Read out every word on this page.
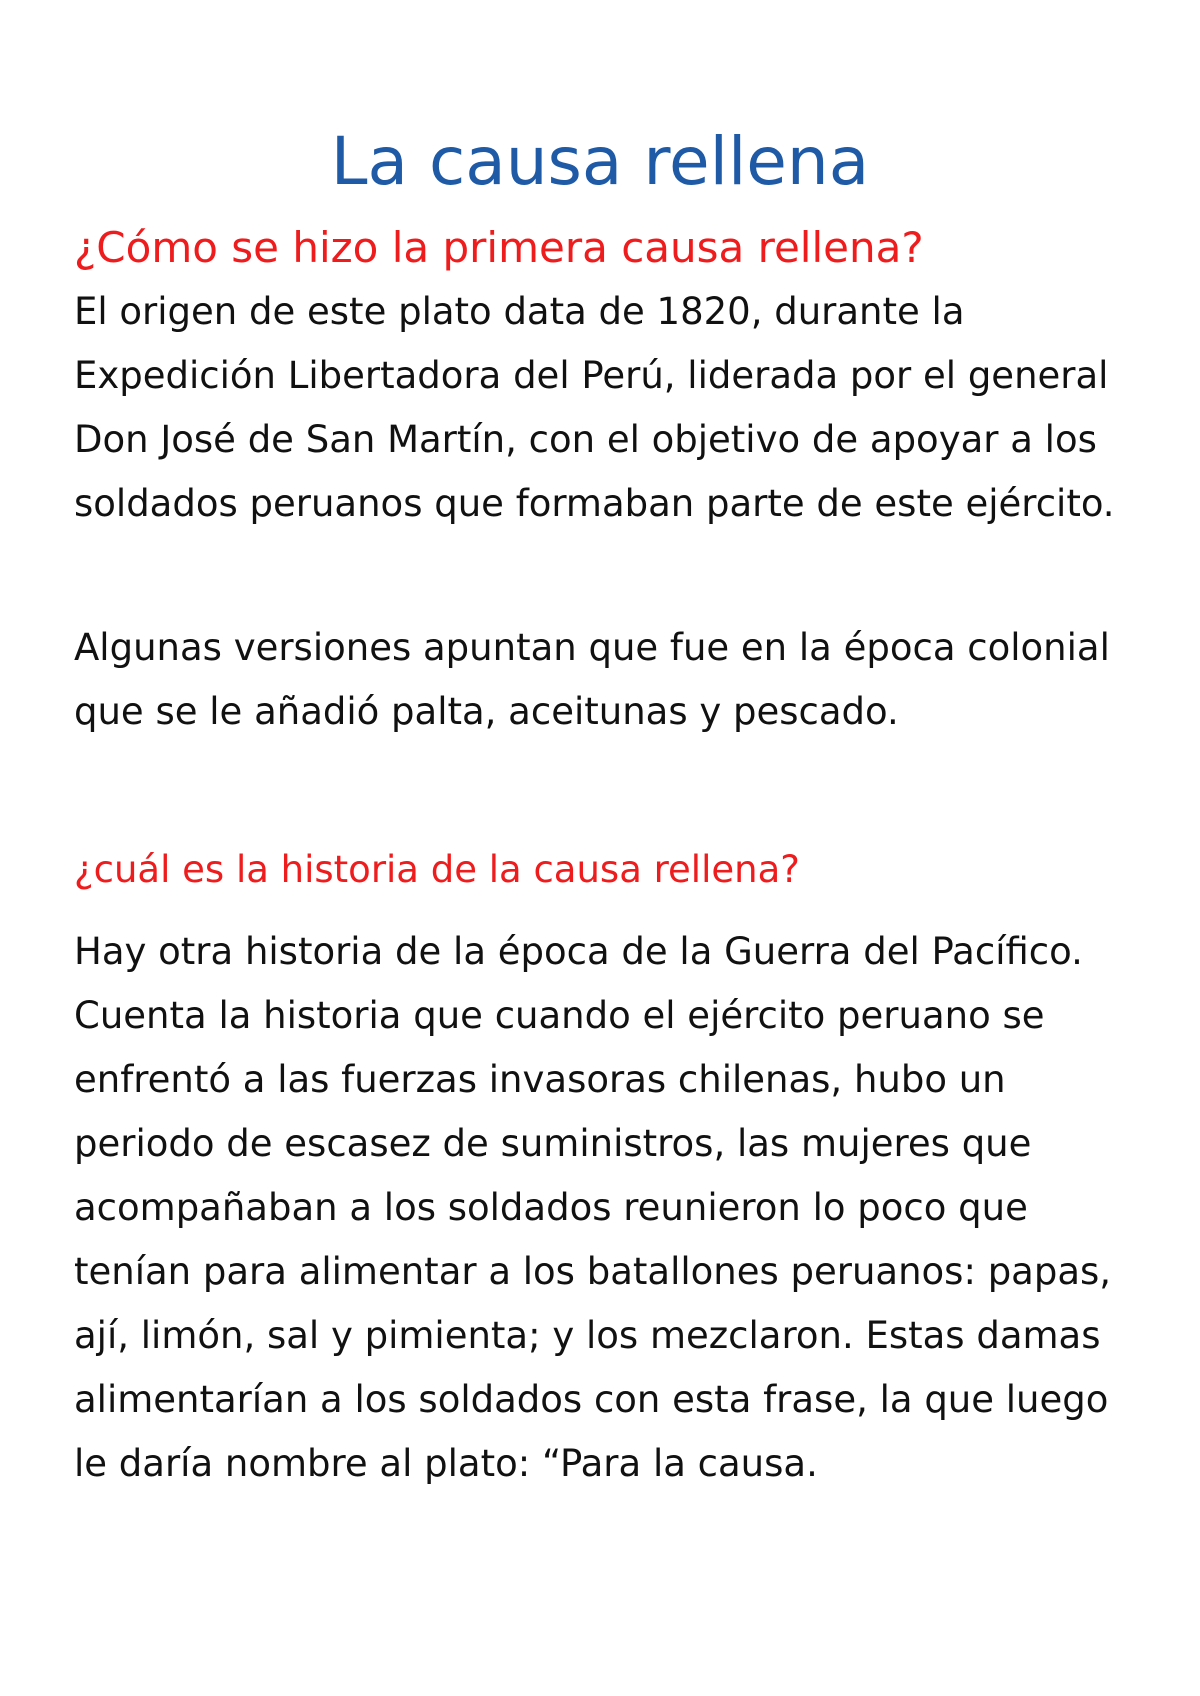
La causa rellena
¿Cómo se hizo la primera causa rellena?

El origen de este plato data de 1820, durante la Expedición Libertadora del Perú, liderada por el general Don José de San Martín, con el objetivo de apoyar a los soldados peruanos que formaban parte de este ejército.

Algunas versiones apuntan que fue en la época colonial que se le añadió palta, aceitunas y pescado.

¿cuál es la historia de la causa rellena?

Hay otra historia de la época de la Guerra del Pacífico. Cuenta la historia que cuando el ejército peruano se enfrentó a las fuerzas invasoras chilenas, hubo un periodo de escasez de suministros, las mujeres que acompañaban a los soldados reunieron lo poco que tenían para alimentar a los batallones peruanos: papas, ají, limón, sal y pimienta; y los mezclaron. Estas damas alimentarían a los soldados con esta frase, la que luego le daría nombre al plato: “Para la causa.
